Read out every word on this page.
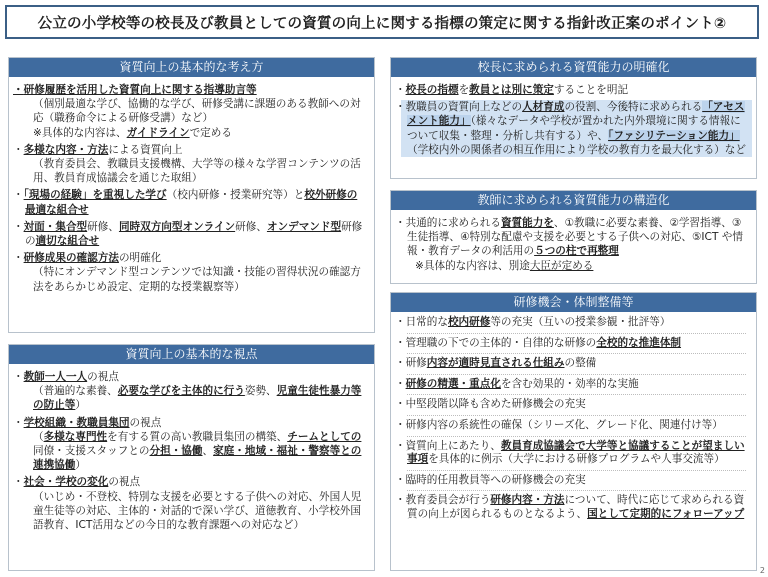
公立の小学校等の校長及び教員としての資質の向上に関する指標の策定に関する指針改正案のポイント②
資質向上の基本的な考え方
・ 研修履歴を活用した資質向上に関する指導助言等
（個別最適な学び、協働的な学び、研修受講に課題のある教師への対応（職務命令による研修受講）など）
※具体的な内容は、ガイドラインで定める
・ 多様な内容・方法による資質向上
（教育委員会、教職員支援機構、大学等の様々な学習コンテンツの活用、教員育成協議会を通じた取組）
・ 「現場の経験」を重視した学び（校内研修・授業研究等）と校外研修の最適な組合せ
・ 対面・集合型研修、同時双方向型オンライン研修、オンデマンド型研修の適切な組合せ
・ 研修成果の確認方法の明確化
（特にオンデマンド型コンテンツでは知識・技能の習得状況の確認方法をあらかじめ設定、定期的な授業観察等）
資質向上の基本的な視点
・ 教師一人一人の視点
（普遍的な素養、必要な学びを主体的に行う姿勢、児童生徒性暴力等の防止等）
・ 学校組織・教職員集団の視点
（多様な専門性を有する質の高い教職員集団の構築、チームとしての同僚・支援スタッフとの分担・協働、家庭・地域・福祉・警察等との連携協働）
・ 社会・学校の変化の視点
（いじめ・不登校、特別な支援を必要とする子供への対応、外国人児童生徒等の対応、主体的・対話的で深い学び、道徳教育、小学校外国語教育、ICT活用などの今日的な教育課題への対応など）
校長に求められる資質能力の明確化
・ 校長の指標を教員とは別に策定することを明記
・ 教職員の資質向上などの人材育成の役割、今後特に求められる「アセスメント能力」（様々なデータや学校が置かれた内外環境に関する情報について収集・整理・分析し共有する）や、「ファシリテーション能力」（学校内外の関係者の相互作用により学校の教育力を最大化する）など
教師に求められる資質能力の構造化
・ 共通的に求められる資質能力を、①教職に必要な素養、②学習指導、③生徒指導、④特別な配慮や支援を必要とする子供への対応、⑤ICT や情報・教育データの利活用の５つの柱で再整理
※具体的な内容は、別途大臣が定める
研修機会・体制整備等
・ 日常的な校内研修等の充実（互いの授業参観・批評等）
・ 管理職の下での主体的・自律的な研修の全校的な推進体制
・ 研修内容が適時見直される仕組みの整備
・ 研修の精選・重点化を含む効果的・効率的な実施
・ 中堅段階以降も含めた研修機会の充実
・ 研修内容の系統性の確保（シリーズ化、グレード化、関連付け等）
・ 資質向上にあたり、教員育成協議会で大学等と協議することが望ましい事項を具体的に例示（大学における研修プログラムや人事交流等）
・ 臨時的任用教員等への研修機会の充実
・ 教育委員会が行う研修内容・方法について、時代に応じて求められる資質の向上が図られるものとなるよう、国として定期的にフォローアップ
2
